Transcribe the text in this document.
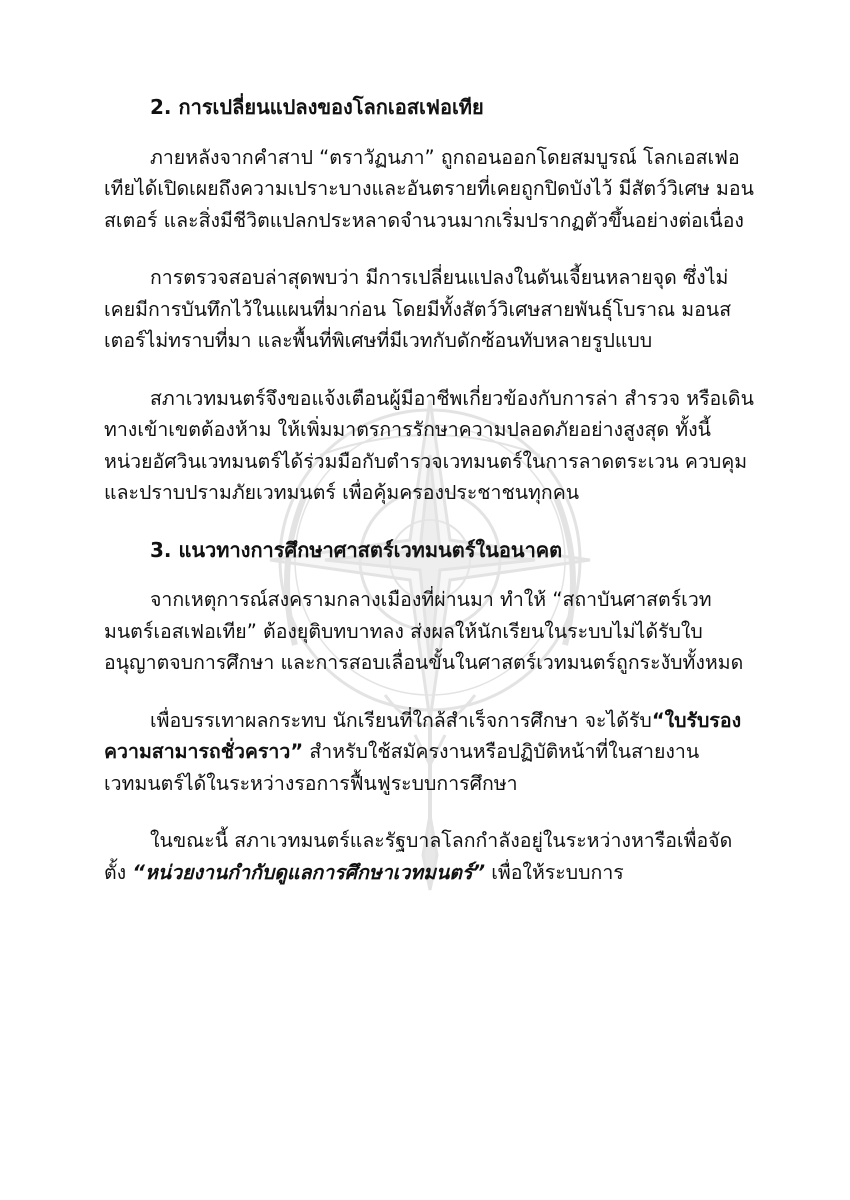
2. การเปลี่ยนแปลงของโลกเอสเฟอเทีย

ภายหลังจากคำสาป “ตราวัฏนภา” ถูกถอนออกโดยสมบูรณ์ โลกเอสเฟอเทียได้เปิดเผยถึงความเปราะบางและอันตรายที่เคยถูกปิดบังไว้ มีสัตว์วิเศษ มอนสเตอร์ และสิ่งมีชีวิตแปลกประหลาดจำนวนมากเริ่มปรากฏตัวขึ้นอย่างต่อเนื่อง

การตรวจสอบล่าสุดพบว่า มีการเปลี่ยนแปลงในดันเจี้ยนหลายจุด ซึ่งไม่เคยมีการบันทึกไว้ในแผนที่มาก่อน โดยมีทั้งสัตว์วิเศษสายพันธุ์โบราณ มอนสเตอร์ไม่ทราบที่มา และพื้นที่พิเศษที่มีเวทกับดักซ้อนทับหลายรูปแบบ

สภาเวทมนตร์จึงขอแจ้งเตือนผู้มีอาชีพเกี่ยวข้องกับการล่า สำรวจ หรือเดินทางเข้าเขตต้องห้าม ให้เพิ่มมาตรการรักษาความปลอดภัยอย่างสูงสุด ทั้งนี้ หน่วยอัศวินเวทมนตร์ได้ร่วมมือกับตำรวจเวทมนตร์ในการลาดตระเวน ควบคุม และปราบปรามภัยเวทมนตร์ เพื่อคุ้มครองประชาชนทุกคน

3. แนวทางการศึกษาศาสตร์เวทมนตร์ในอนาคต

จากเหตุการณ์สงครามกลางเมืองที่ผ่านมา ทำให้ “สถาบันศาสตร์เวทมนตร์เอสเฟอเทีย” ต้องยุติบทบาทลง ส่งผลให้นักเรียนในระบบไม่ได้รับใบอนุญาตจบการศึกษา และการสอบเลื่อนขั้นในศาสตร์เวทมนตร์ถูกระงับทั้งหมด

เพื่อบรรเทาผลกระทบ นักเรียนที่ใกล้สำเร็จการศึกษา จะได้รับ“ใบรับรองความสามารถชั่วคราว” สำหรับใช้สมัครงานหรือปฏิบัติหน้าที่ในสายงานเวทมนตร์ได้ในระหว่างรอการฟื้นฟูระบบการศึกษา

ในขณะนี้ สภาเวทมนตร์และรัฐบาลโลกกำลังอยู่ในระหว่างหารือเพื่อจัดตั้ง “หน่วยงานกำกับดูแลการศึกษาเวทมนตร์” เพื่อให้ระบบการ
